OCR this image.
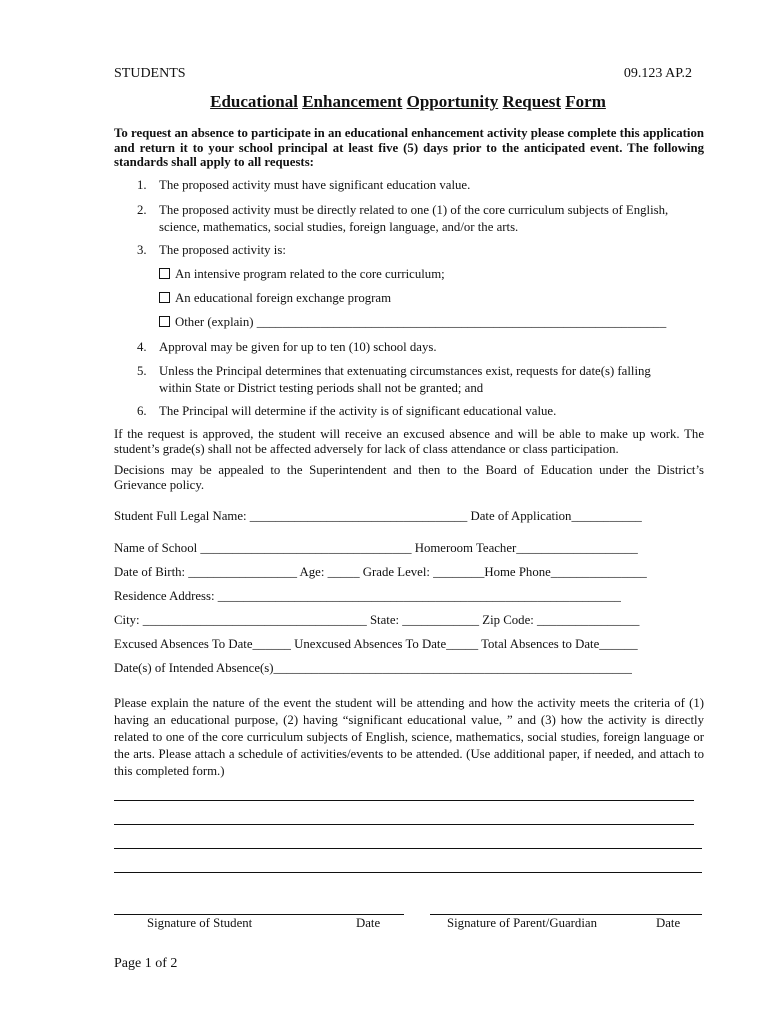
STUDENTS	09.123 AP.2
Educational Enhancement Opportunity Request Form
To request an absence to participate in an educational enhancement activity please complete this application and return it to your school principal at least five (5) days prior to the anticipated event. The following standards shall apply to all requests:
1. The proposed activity must have significant education value.
2. The proposed activity must be directly related to one (1) of the core curriculum subjects of English,
science, mathematics, social studies, foreign language, and/or the arts.
3. The proposed activity is:
An intensive program related to the core curriculum;
An educational foreign exchange program
Other (explain) ________________________________________________________________
4. Approval may be given for up to ten (10) school days.
5. Unless the Principal determines that extenuating circumstances exist, requests for date(s) falling
within State or District testing periods shall not be granted; and
6. The Principal will determine if the activity is of significant educational value.
If the request is approved, the student will receive an excused absence and will be able to make up work. The student’s grade(s) shall not be affected adversely for lack of class attendance or class participation.
Decisions may be appealed to the Superintendent and then to the Board of Education under the District’s Grievance policy.
Student Full Legal Name: __________________________________ Date of Application___________
Name of School _________________________________ Homeroom Teacher___________________
Date of Birth: _________________ Age: _____ Grade Level: ________Home Phone_______________
Residence Address: _______________________________________________________________
City: ___________________________________ State: ____________ Zip Code: ________________
Excused Absences To Date______ Unexcused Absences To Date_____ Total Absences to Date______
Date(s) of Intended Absence(s)________________________________________________________
Please explain the nature of the event the student will be attending and how the activity meets the criteria of (1) having an educational purpose, (2) having “significant educational value, ” and (3) how the activity is directly related to one of the core curriculum subjects of English, science, mathematics, social studies, foreign language or the arts. Please attach a schedule of activities/events to be attended. (Use additional paper, if needed, and attach to this completed form.)
Signature of Student	Date	Signature of Parent/Guardian	Date
Page 1 of 2
